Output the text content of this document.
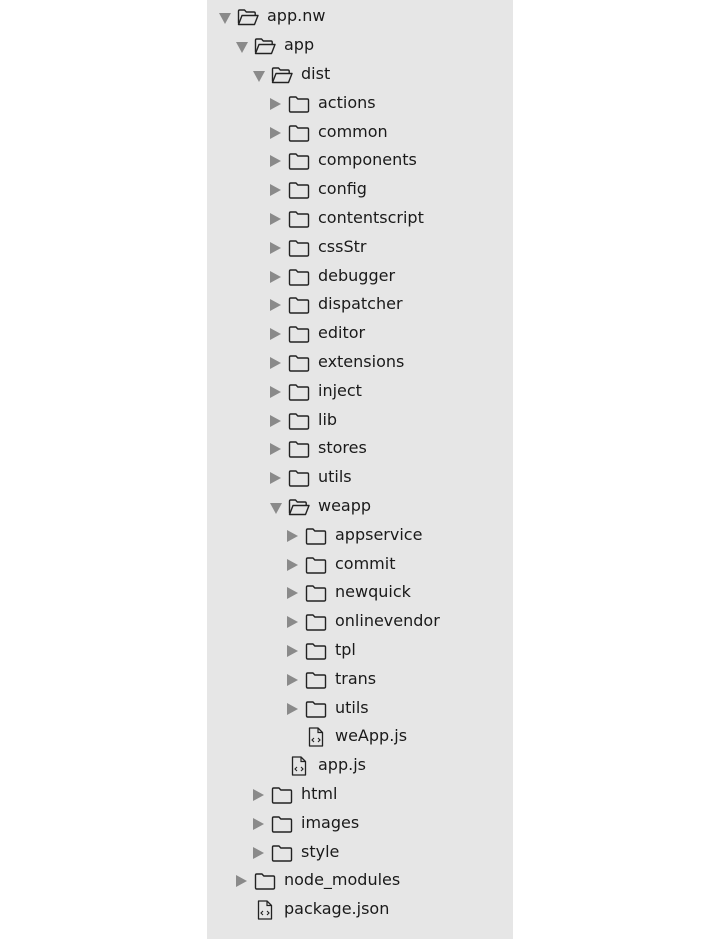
app.nw
app
dist
actions
common
components
config
contentscript
cssStr
debugger
dispatcher
editor
extensions
inject
lib
stores
utils
weapp
appservice
commit
newquick
onlinevendor
tpl
trans
utils
weApp.js
app.js
html
images
style
node_modules
package.json
